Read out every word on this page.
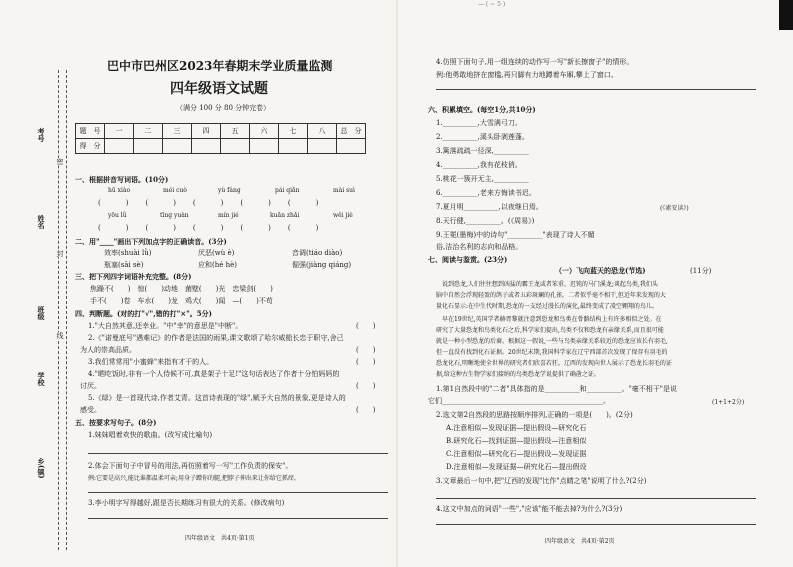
考号
姓名
班级
学校
乡(镇)
密
封
线
巴中市巴州区2023年春期末学业质量监测
四年级语文试题
（满分 100 分 80 分钟完卷）
题　号	一	二	三	四	五	六	七	八	总　分
得　分									
一、根据拼音写词语。(10分)
hū xiào	méi cuò	yù fáng	pái qiǎn	mài suì
(　　　)　　(　　　)　　(　　　)　　(　　　)　　(　　　)
yōu lǜ	tīng yuàn	mín jié	kuān zhǎi	wěi jiè
(　　　)　　(　　　)　　(　　　)　　(　　　)　　(　　　)
二、用"____"画出下列加点字的正确读音。(3分)
效率(shuài lǜ)	厌恶(wù è)	音调(tiáo diào)
瓶塞(sāi sè)	应和(hé hè)	倔强(jiàng qiáng)
三、把下列四字词语补充完整。(8分)
焦躁不(　　 )　 惊(　　 )动地　 菌壁(　　 )光　 忠梁剑(　　 )
手不(　　 )卷　 车水(　　 )龙　 鸡犬(　　 )闻　 —(　　 )不苟
四、判断题。(对的打"√",错的打"×"。5分)
1."大自然其意,还幸业。"中"幸"的意思是"中断"。
2.《"诺曼底号"遇难记》的作者是法国的雨果,课文歌颂了哈尔威船长忠于职守,舍己
为人的崇高品质。
3.我们常常用"小蜜蜂"来指有才干的人。
4."晒吃饭时,非有一个人侍候不可,真是架子十足!"这句话表达了作者十分怕妈妈的
讨厌。
5.《绿》是一首现代诗,作者艾青。这首诗表现的"绿",赋予大自然的景象,更是诗人的
感受。
(　　)
(　　)
(　　)
(　　)
(　　)
五、按要求写句子。(8分)
1.妹妹唱着欢快的歌曲。(改写成比喻句)
2.体会下面句子中冒号的用法,再仿照着写一写"工作负责的保安"。
例:它要是高兴,能比谁都温柔可亲;用身子蹭你的腿,把脖子伸出来让你给它抓痒。
3.李小明字写得越好,跟是否长期练习有很大的关系。(修改病句)
四年级语文　共4页·第1页
— ( ~ 5 )
4.仿照下面句子,用一组连续的动作写一写"新长擦窗子"的情形。
例:他勇敢地挤在窗槛,再只脚有力地蹲着车厢,攀上了窗口。
六、积累填空。(每空1分,共10分)
1.__________,大雪满弓刀。
2.__________,溪头卧剥莲蓬。
3.篱落疏疏一径深,__________
4.__________,我有花枝俏。
5.桃花一簇开无主,__________
6.__________,老来方悔读书迟。
7.夏月明__________,以夜继日焉。	(《素安读》)
8.天行健,__________。(《周易》)
9.王冕(墨梅)中的诗句"__________"表现了诗人不媚
俗,洁治名利的志向和品格。
七、阅读与鉴赏。(23分)
（一）飞向蓝天的恐龙(节选)	(11分)
说到恐龙,人们往往想到凶猛的霸王龙或者笨重、迟钝的马门溪龙;谈起鸟类,我们头
脑中自然会浮现轻盈的鸽子或者五彩斑斓的孔雀。二者似乎毫不相干,但近年来发现的大
量化石显示:在中生代时期,恐龙的一支经过漫长的演化,最终变成了凌空翱翔的鸟儿。
早在19世纪,英国学者赫胥黎就注意到恐龙和鸟类在骨骼结构上有许多相似之处。在
研究了大量恐龙和鸟类化石之后,科学家们提出,鸟类不仅和恐龙有亲缘关系,而且很可能
就是一种小型恐龙的后裔。根据这一假说,一些与鸟类亲缘关系较近的恐龙应该长有羽毛,
但一直没有找到化石证据。20世纪末期,我国科学家在辽宁西部首次发现了保存有羽毛的
恐龙化石,明晰地使全世界的研究者们欣喜若狂。辽西的发现向世人展示了恐龙长羽毛的证
据,给这种古生物学家们接纳的鸟类恐龙学说提供了确凿之证。
1.第1自然段中的"二者"具体指的是__________和__________。"毫不相干"是说
它们______________________________________________。	(1+1+2分)
2.选文第2自然段的思路按顺序排列,正确的一项是(　　)。(2分)
A.注意相似—发现证据—提出假设—研究化石
B.研究化石—找到证据—提出假设—注意相似
C.注意相似—研究化石—提出假设—发现证据
D.注意相似—发现证据—研究化石—提出假设
3.文章最后一句中,把"辽西的发现"比作"点睛之笔"说明了什么?(2分)
4.这文中加点的词语"一些","应该"能不能去掉?为什么?(3分)
四年级语文　共4页·第2页
